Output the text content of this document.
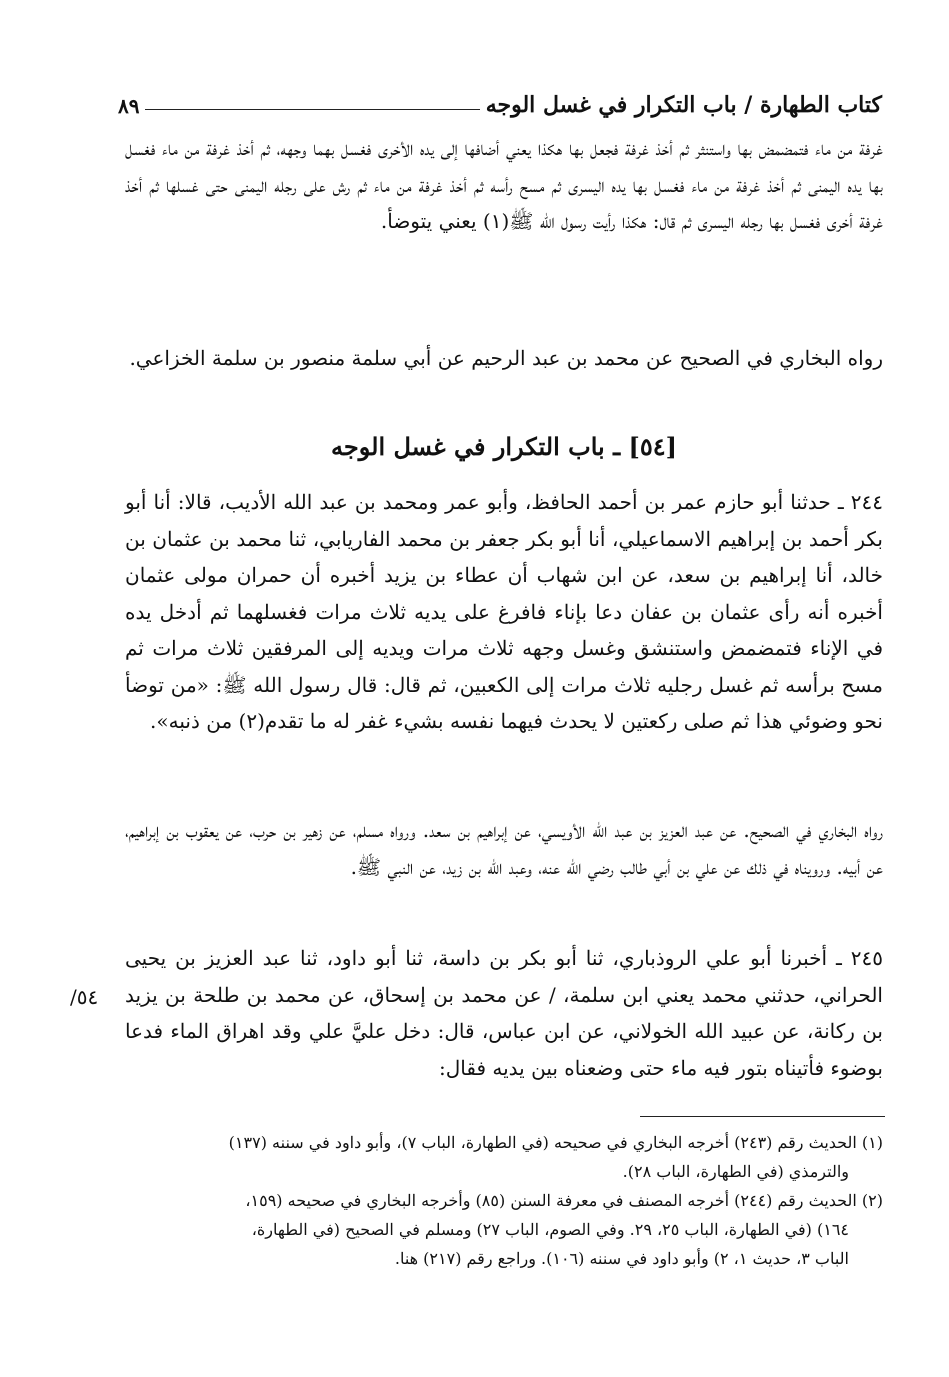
كتاب الطهارة / باب التكرار في غسل الوجه
٨٩
غرفة من ماء فتمضمض بها واستنثر ثم أخذ غرفة فجعل بها هكذا يعني أضافها إلى يده الأخرى فغسل بهما وجهه، ثم أخذ غرفة من ماء فغسل بها يده اليمنى ثم أخذ غرفة من ماء فغسل بها يده اليسرى ثم مسح رأسه ثم أخذ غرفة من ماء ثم رش على رجله اليمنى حتى غسلها ثم أخذ غرفة أخرى فغسل بها رجله اليسرى ثم قال: هكذا رأيت رسول الله ﷺ(١) يعني يتوضأ.
رواه البخاري في الصحيح عن محمد بن عبد الرحيم عن أبي سلمة منصور بن سلمة الخزاعي.
[٥٤] ـ باب التكرار في غسل الوجه
٢٤٤ ـ حدثنا أبو حازم عمر بن أحمد الحافظ، وأبو عمر ومحمد بن عبد الله الأديب، قالا: أنا أبو بكر أحمد بن إبراهيم الاسماعيلي، أنا أبو بكر جعفر بن محمد الفاريابي، ثنا محمد بن عثمان بن خالد، أنا إبراهيم بن سعد، عن ابن شهاب أن عطاء بن يزيد أخبره أن حمران مولى عثمان أخبره أنه رأى عثمان بن عفان دعا بإناء فافرغ على يديه ثلاث مرات فغسلهما ثم أدخل يده في الإناء فتمضمض واستنشق وغسل وجهه ثلاث مرات ويديه إلى المرفقين ثلاث مرات ثم مسح برأسه ثم غسل رجليه ثلاث مرات إلى الكعبين، ثم قال: قال رسول الله ﷺ: «من توضأ نحو وضوئي هذا ثم صلى ركعتين لا يحدث فيهما نفسه بشيء غفر له ما تقدم(٢) من ذنبه».
رواه البخاري في الصحيح. عن عبد العزيز بن عبد الله الأويسي، عن إبراهيم بن سعد. ورواه مسلم، عن زهير بن حرب، عن يعقوب بن إبراهيم، عن أبيه. ورويناه في ذلك عن علي بن أبي طالب رضي الله عنه، وعبد الله بن زيد، عن النبي ﷺ.
٢٤٥ ـ أخبرنا أبو علي الروذباري، ثنا أبو بكر بن داسة، ثنا أبو داود، ثنا عبد العزيز بن يحيى الحراني، حدثني محمد يعني ابن سلمة، / عن محمد بن إسحاق، عن محمد بن طلحة بن يزيد بن ركانة، عن عبيد الله الخولاني، عن ابن عباس، قال: دخل عليَّ علي وقد اهراق الماء فدعا بوضوء فأتيناه بتور فيه ماء حتى وضعناه بين يديه فقال:
٥٤/
(١) الحديث رقم (٢٤٣) أخرجه البخاري في صحيحه (في الطهارة، الباب ٧)، وأبو داود في سننه (١٣٧)
والترمذي (في الطهارة، الباب ٢٨).
(٢) الحديث رقم (٢٤٤) أخرجه المصنف في معرفة السنن (٨٥) وأخرجه البخاري في صحيحه (١٥٩،
١٦٤) (في الطهارة، الباب ٢٥، ٢٩. وفي الصوم، الباب ٢٧) ومسلم في الصحيح (في الطهارة،
الباب ٣، حديث ١، ٢) وأبو داود في سننه (١٠٦). وراجع رقم (٢١٧) هنا.
